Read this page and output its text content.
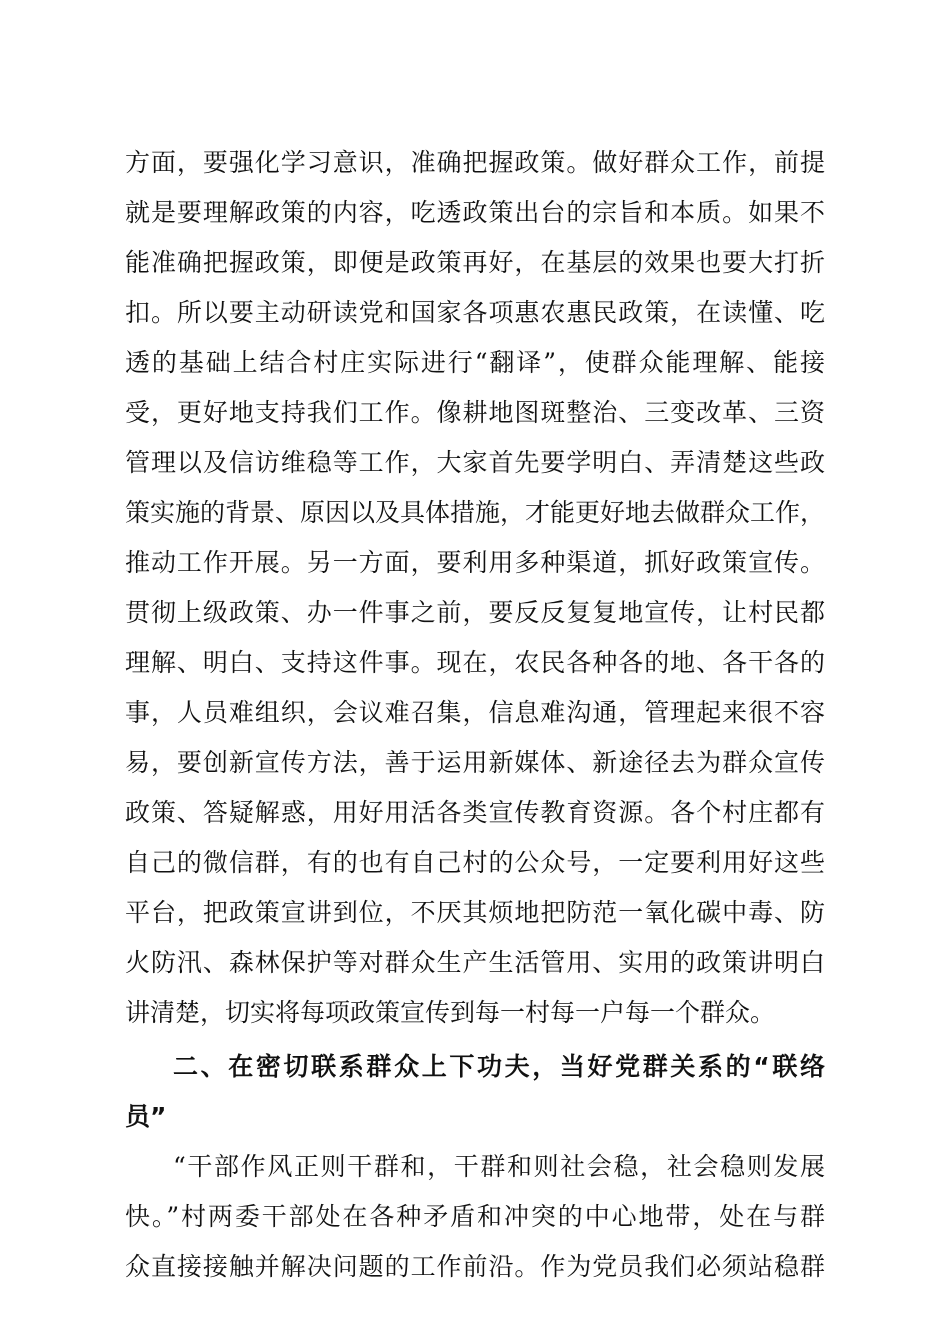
方面，要强化学习意识，准确把握政策。做好群众工作，前提
就是要理解政策的内容，吃透政策出台的宗旨和本质。如果不
能准确把握政策，即便是政策再好，在基层的效果也要大打折
扣。所以要主动研读党和国家各项惠农惠民政策，在读懂、吃
透的基础上结合村庄实际进行“翻译”，使群众能理解、能接
受，更好地支持我们工作。像耕地图斑整治、三变改革、三资
管理以及信访维稳等工作，大家首先要学明白、弄清楚这些政
策实施的背景、原因以及具体措施，才能更好地去做群众工作，
推动工作开展。另一方面，要利用多种渠道，抓好政策宣传。
贯彻上级政策、办一件事之前，要反反复复地宣传，让村民都
理解、明白、支持这件事。现在，农民各种各的地、各干各的
事，人员难组织，会议难召集，信息难沟通，管理起来很不容
易，要创新宣传方法，善于运用新媒体、新途径去为群众宣传
政策、答疑解惑，用好用活各类宣传教育资源。各个村庄都有
自己的微信群，有的也有自己村的公众号，一定要利用好这些
平台，把政策宣讲到位，不厌其烦地把防范一氧化碳中毒、防
火防汛、森林保护等对群众生产生活管用、实用的政策讲明白
讲清楚，切实将每项政策宣传到每一村每一户每一个群众。
二、在密切联系群众上下功夫，当好党群关系的“联络
员”
“干部作风正则干群和，干群和则社会稳，社会稳则发展
快。”村两委干部处在各种矛盾和冲突的中心地带，处在与群
众直接接触并解决问题的工作前沿。作为党员我们必须站稳群
